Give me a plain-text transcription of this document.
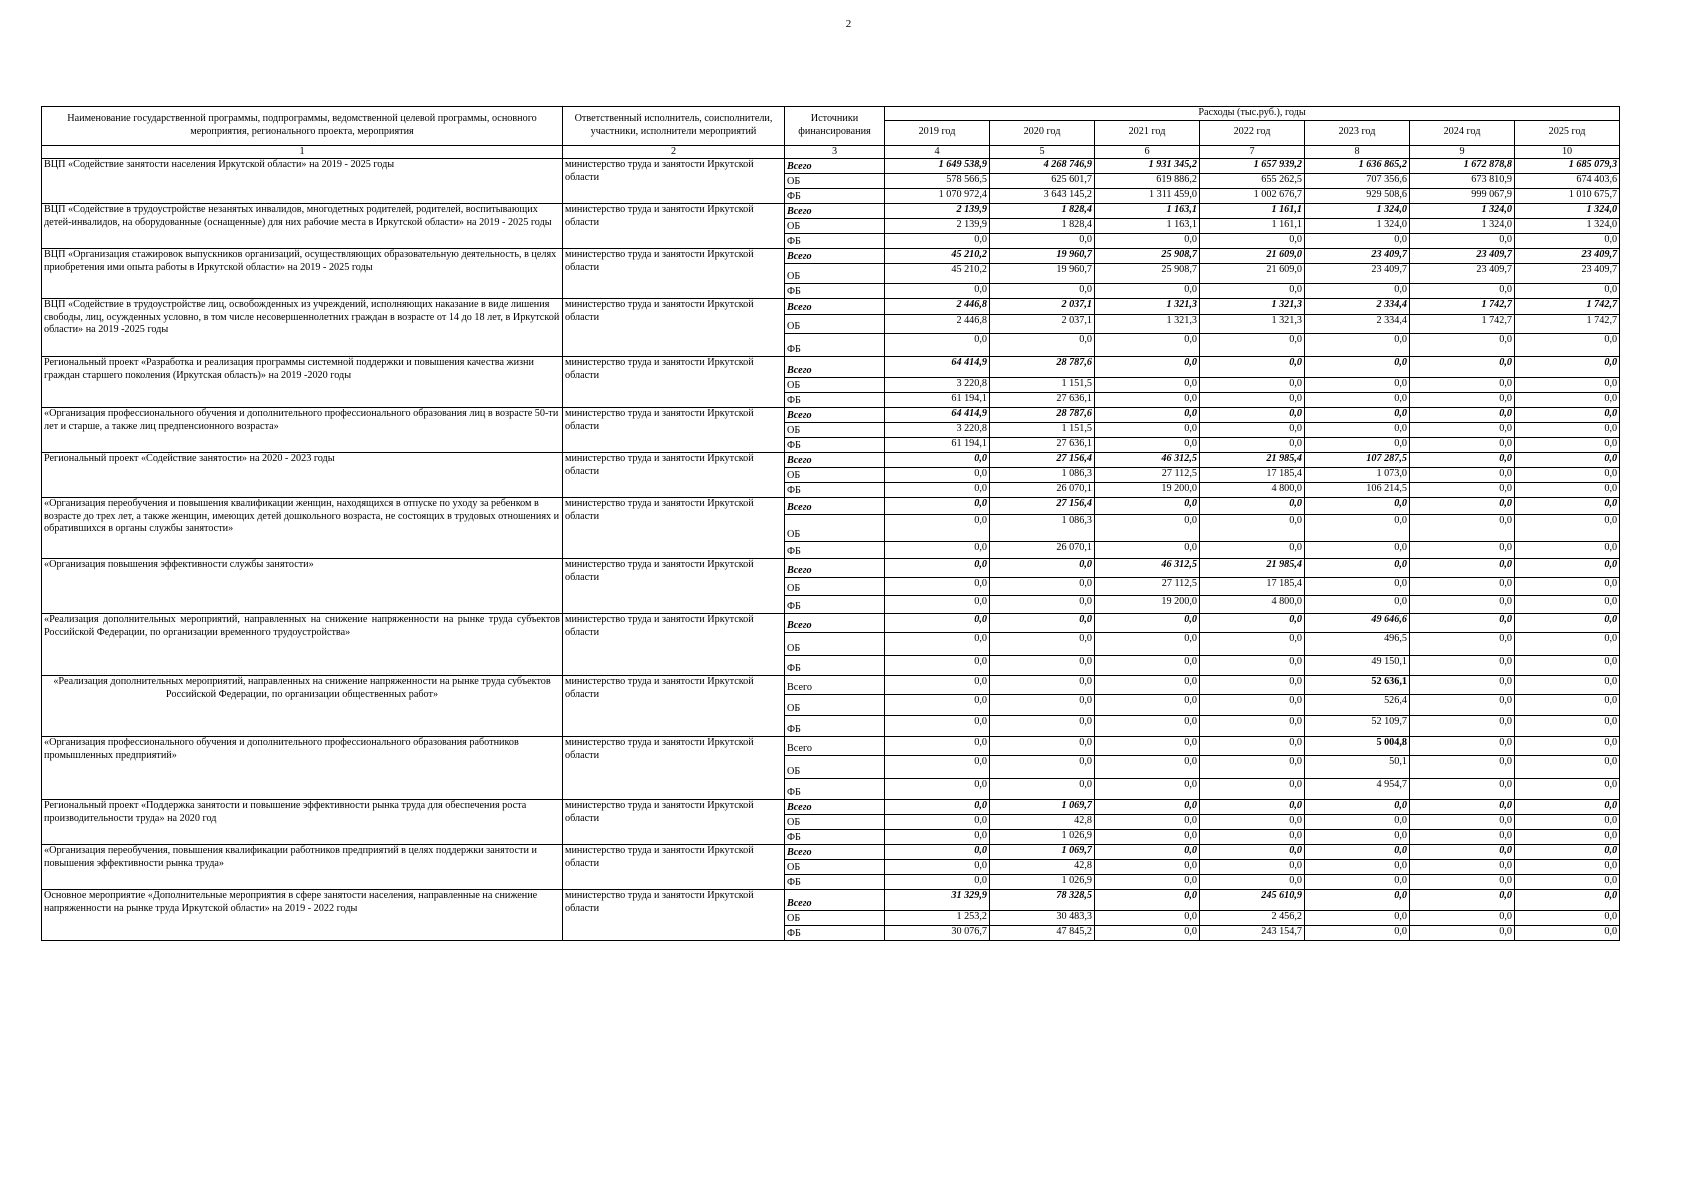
2
Наименование государственной программы, подпрограммы, ведомственной целевой программы, основного мероприятия, регионального проекта, мероприятия	Ответственный исполнитель, соисполнители, участники, исполнители мероприятий	Источники финансирования	Расходы (тыс.руб.), годы						
			2019 год	2020 год	2021 год	2022 год	2023 год	2024 год	2025 год
1	2	3	4	5	6	7	8	9	10
ВЦП «Содействие занятости населения Иркутской области» на 2019 - 2025 годы	министерство труда и занятости Иркутской области	Всего	1 649 538,9	4 268 746,9	1 931 345,2	1 657 939,2	1 636 865,2	1 672 878,8	1 685 079,3
		ОБ	578 566,5	625 601,7	619 886,2	655 262,5	707 356,6	673 810,9	674 403,6
		ФБ	1 070 972,4	3 643 145,2	1 311 459,0	1 002 676,7	929 508,6	999 067,9	1 010 675,7
ВЦП «Содействие в трудоустройстве незанятых инвалидов, многодетных родителей, родителей, воспитывающих детей-инвалидов, на оборудованные (оснащенные) для них рабочие места в Иркутской области» на 2019 - 2025 годы	министерство труда и занятости Иркутской области	Всего	2 139,9	1 828,4	1 163,1	1 161,1	1 324,0	1 324,0	1 324,0
		ОБ	2 139,9	1 828,4	1 163,1	1 161,1	1 324,0	1 324,0	1 324,0
		ФБ	0,0	0,0	0,0	0,0	0,0	0,0	0,0
ВЦП «Организация стажировок выпускников организаций, осуществляющих образовательную деятельность, в целях приобретения ими опыта работы в Иркутской области» на 2019 - 2025 годы	министерство труда и занятости Иркутской области	Всего	45 210,2	19 960,7	25 908,7	21 609,0	23 409,7	23 409,7	23 409,7
		ОБ	45 210,2	19 960,7	25 908,7	21 609,0	23 409,7	23 409,7	23 409,7
		ФБ	0,0	0,0	0,0	0,0	0,0	0,0	0,0
ВЦП «Содействие в трудоустройстве лиц, освобожденных из учреждений, исполняющих наказание в виде лишения свободы, лиц, осужденных условно, в том числе несовершеннолетних граждан в возрасте от 14 до 18 лет, в Иркутской области» на 2019 -2025 годы	министерство труда и занятости Иркутской области	Всего	2 446,8	2 037,1	1 321,3	1 321,3	2 334,4	1 742,7	1 742,7
		ОБ	2 446,8	2 037,1	1 321,3	1 321,3	2 334,4	1 742,7	1 742,7
		ФБ	0,0	0,0	0,0	0,0	0,0	0,0	0,0
Региональный проект «Разработка и реализация программы системной поддержки и повышения качества жизни граждан старшего поколения (Иркутская область)» на 2019 -2020 годы	министерство труда и занятости Иркутской области	Всего	64 414,9	28 787,6	0,0	0,0	0,0	0,0	0,0
		ОБ	3 220,8	1 151,5	0,0	0,0	0,0	0,0	0,0
		ФБ	61 194,1	27 636,1	0,0	0,0	0,0	0,0	0,0
«Организация профессионального обучения и дополнительного профессионального образования лиц в возрасте 50-ти лет и старше, а также лиц предпенсионного возраста»	министерство труда и занятости Иркутской области	Всего	64 414,9	28 787,6	0,0	0,0	0,0	0,0	0,0
		ОБ	3 220,8	1 151,5	0,0	0,0	0,0	0,0	0,0
		ФБ	61 194,1	27 636,1	0,0	0,0	0,0	0,0	0,0
Региональный проект «Содействие занятости» на 2020 - 2023 годы	министерство труда и занятости Иркутской области	Всего	0,0	27 156,4	46 312,5	21 985,4	107 287,5	0,0	0,0
		ОБ	0,0	1 086,3	27 112,5	17 185,4	1 073,0	0,0	0,0
		ФБ	0,0	26 070,1	19 200,0	4 800,0	106 214,5	0,0	0,0
«Организация переобучения и повышения квалификации женщин, находящихся в отпуске по уходу за ребенком в возрасте до трех лет, а также женщин, имеющих детей дошкольного возраста, не состоящих в трудовых отношениях и обратившихся в органы службы занятости»	министерство труда и занятости Иркутской области	Всего	0,0	27 156,4	0,0	0,0	0,0	0,0	0,0
		ОБ	0,0	1 086,3	0,0	0,0	0,0	0,0	0,0
		ФБ	0,0	26 070,1	0,0	0,0	0,0	0,0	0,0
«Организация повышения эффективности службы занятости»	министерство труда и занятости Иркутской области	Всего	0,0	0,0	46 312,5	21 985,4	0,0	0,0	0,0
		ОБ	0,0	0,0	27 112,5	17 185,4	0,0	0,0	0,0
		ФБ	0,0	0,0	19 200,0	4 800,0	0,0	0,0	0,0
«Реализация дополнительных мероприятий, направленных на снижение напряженности на рынке труда субъектов Российской Федерации, по организации временного трудоустройства»	министерство труда и занятости Иркутской области	Всего	0,0	0,0	0,0	0,0	49 646,6	0,0	0,0
		ОБ	0,0	0,0	0,0	0,0	496,5	0,0	0,0
		ФБ	0,0	0,0	0,0	0,0	49 150,1	0,0	0,0
«Реализация дополнительных мероприятий, направленных на снижение напряженности на рынке труда субъектов Российской Федерации, по организации общественных работ»	министерство труда и занятости Иркутской области	Всего	0,0	0,0	0,0	0,0	52 636,1	0,0	0,0
		ОБ	0,0	0,0	0,0	0,0	526,4	0,0	0,0
		ФБ	0,0	0,0	0,0	0,0	52 109,7	0,0	0,0
«Организация профессионального обучения и дополнительного профессионального образования работников промышленных предприятий»	министерство труда и занятости Иркутской области	Всего	0,0	0,0	0,0	0,0	5 004,8	0,0	0,0
		ОБ	0,0	0,0	0,0	0,0	50,1	0,0	0,0
		ФБ	0,0	0,0	0,0	0,0	4 954,7	0,0	0,0
Региональный проект «Поддержка занятости и повышение эффективности рынка труда для обеспечения роста производительности труда» на 2020 год	министерство труда и занятости Иркутской области	Всего	0,0	1 069,7	0,0	0,0	0,0	0,0	0,0
		ОБ	0,0	42,8	0,0	0,0	0,0	0,0	0,0
		ФБ	0,0	1 026,9	0,0	0,0	0,0	0,0	0,0
«Организация переобучения, повышения квалификации работников предприятий в целях поддержки занятости и повышения эффективности рынка труда»	министерство труда и занятости Иркутской области	Всего	0,0	1 069,7	0,0	0,0	0,0	0,0	0,0
		ОБ	0,0	42,8	0,0	0,0	0,0	0,0	0,0
		ФБ	0,0	1 026,9	0,0	0,0	0,0	0,0	0,0
Основное мероприятие «Дополнительные мероприятия в сфере занятости населения, направленные на снижение напряженности на рынке труда Иркутской области» на 2019 - 2022 годы	министерство труда и занятости Иркутской области	Всего	31 329,9	78 328,5	0,0	245 610,9	0,0	0,0	0,0
		ОБ	1 253,2	30 483,3	0,0	2 456,2	0,0	0,0	0,0
		ФБ	30 076,7	47 845,2	0,0	243 154,7	0,0	0,0	0,0
